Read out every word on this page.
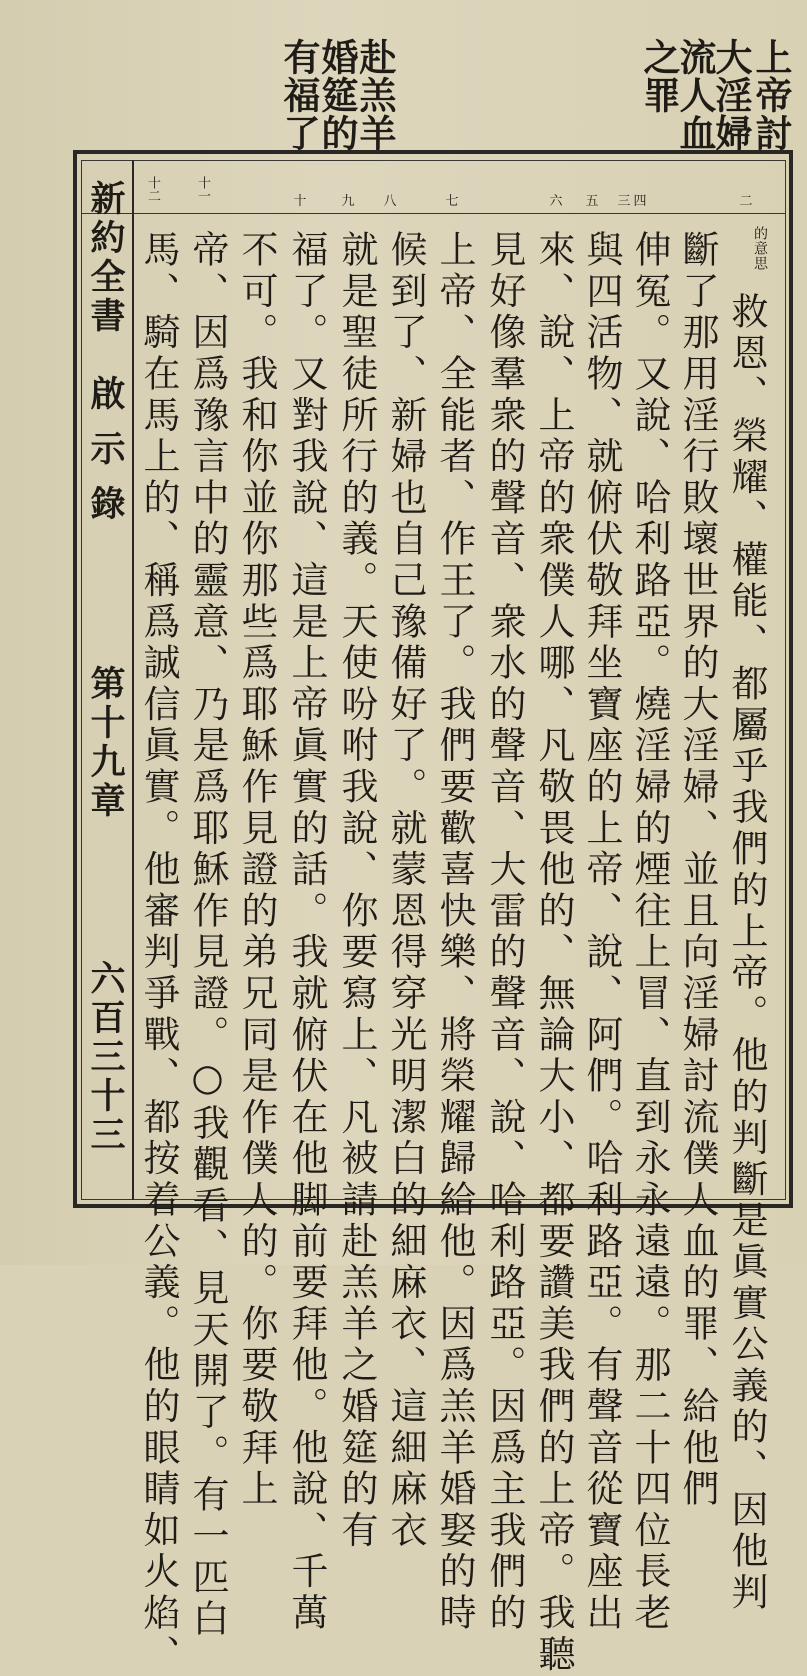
上帝討
大淫婦
流人血
之罪
赴羔羊
婚筵的
有福了
二
三 四
五
六
七
八
九
十
十一
十二
的意思
救恩、榮耀、權能、都屬乎我們的上帝。他的判斷是眞實公義的、因他判
斷了那用淫行敗壞世界的大淫婦、並且向淫婦討流僕人血的罪、給他們
伸冤。又說、哈利路亞。燒淫婦的煙往上冒、直到永永遠遠。那二十四位長老
與四活物、就俯伏敬拜坐寶座的上帝、說、阿們。哈利路亞。有聲音從寶座出
來、說、上帝的衆僕人哪、凡敬畏他的、無論大小、都要讚美我們的上帝。我聽
見好像羣衆的聲音、衆水的聲音、大雷的聲音、說、哈利路亞。因爲主我們的
上帝、全能者、作王了。我們要歡喜快樂、將榮耀歸給他。因爲羔羊婚娶的時
候到了、新婦也自己豫備好了。就蒙恩得穿光明潔白的細麻衣、這細麻衣
就是聖徒所行的義。天使吩咐我說、你要寫上、凡被請赴羔羊之婚筵的有
福了。又對我說、這是上帝眞實的話。我就俯伏在他脚前要拜他。他說、千萬
不可。我和你並你那些爲耶穌作見證的弟兄同是作僕人的。你要敬拜上
帝、因爲豫言中的靈意、乃是爲耶穌作見證。○我觀看、見天開了。有一匹白
馬、騎在馬上的、稱爲誠信眞實。他審判爭戰、都按着公義。他的眼睛如火焰、
新約全書　啟 示 錄
第十九章
六百三十三
